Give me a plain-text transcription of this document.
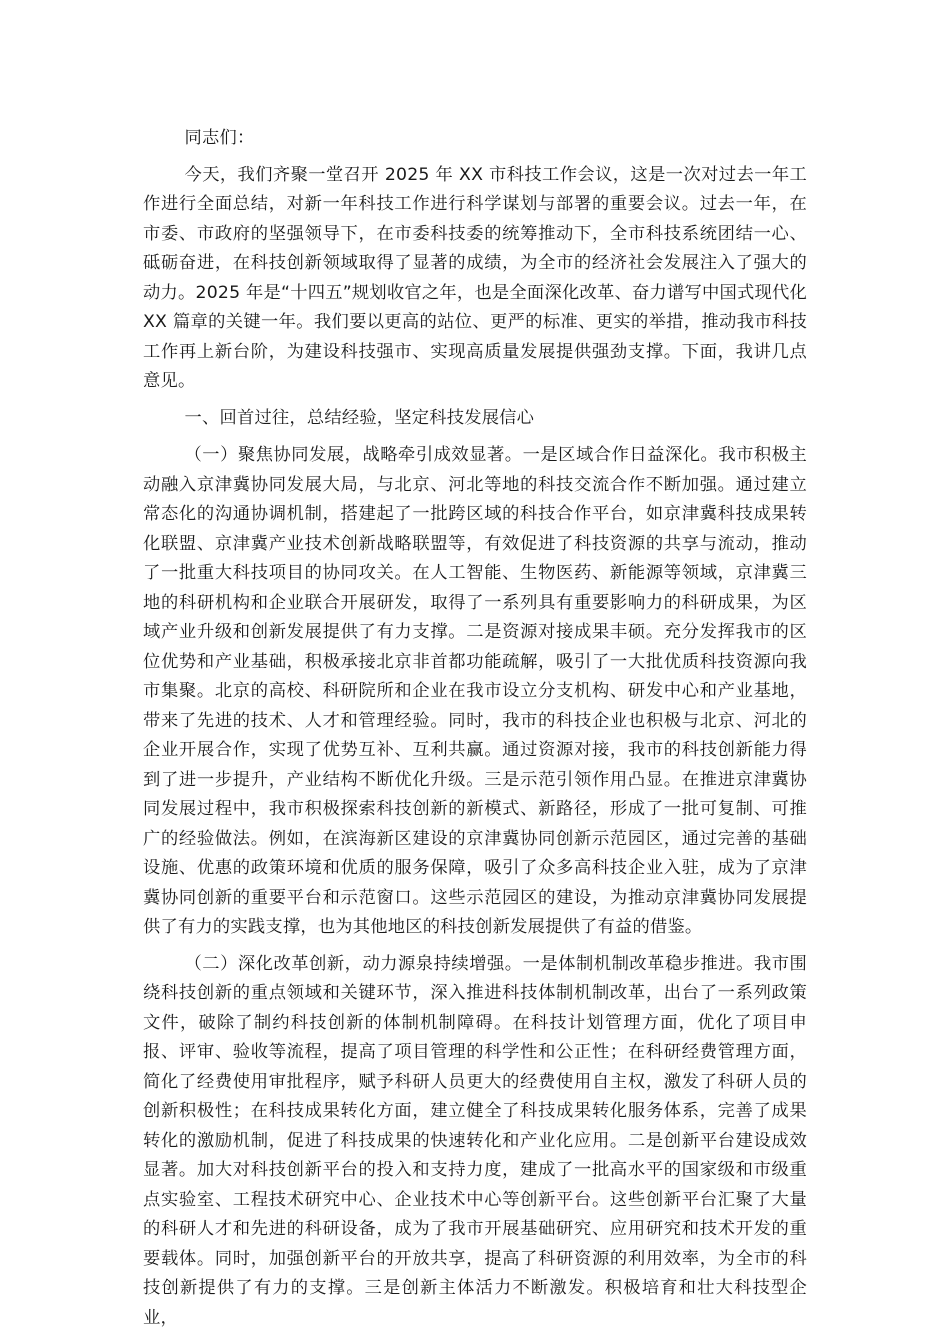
同志们：

今天，我们齐聚一堂召开 2025 年 XX 市科技工作会议，这是一次对过去一年工作进行全面总结，对新一年科技工作进行科学谋划与部署的重要会议。过去一年，在市委、市政府的坚强领导下，在市委科技委的统筹推动下，全市科技系统团结一心、砥砺奋进，在科技创新领域取得了显著的成绩，为全市的经济社会发展注入了强大的动力。2025 年是“十四五”规划收官之年，也是全面深化改革、奋力谱写中国式现代化 XX 篇章的关键一年。我们要以更高的站位、更严的标准、更实的举措，推动我市科技工作再上新台阶，为建设科技强市、实现高质量发展提供强劲支撑。下面，我讲几点意见。

一、回首过往，总结经验，坚定科技发展信心

（一）聚焦协同发展，战略牵引成效显著。一是区域合作日益深化。我市积极主动融入京津冀协同发展大局，与北京、河北等地的科技交流合作不断加强。通过建立常态化的沟通协调机制，搭建起了一批跨区域的科技合作平台，如京津冀科技成果转化联盟、京津冀产业技术创新战略联盟等，有效促进了科技资源的共享与流动，推动了一批重大科技项目的协同攻关。在人工智能、生物医药、新能源等领域，京津冀三地的科研机构和企业联合开展研发，取得了一系列具有重要影响力的科研成果，为区域产业升级和创新发展提供了有力支撑。二是资源对接成果丰硕。充分发挥我市的区位优势和产业基础，积极承接北京非首都功能疏解，吸引了一大批优质科技资源向我市集聚。北京的高校、科研院所和企业在我市设立分支机构、研发中心和产业基地，带来了先进的技术、人才和管理经验。同时，我市的科技企业也积极与北京、河北的企业开展合作，实现了优势互补、互利共赢。通过资源对接，我市的科技创新能力得到了进一步提升，产业结构不断优化升级。三是示范引领作用凸显。在推进京津冀协同发展过程中，我市积极探索科技创新的新模式、新路径，形成了一批可复制、可推广的经验做法。例如，在滨海新区建设的京津冀协同创新示范园区，通过完善的基础设施、优惠的政策环境和优质的服务保障，吸引了众多高科技企业入驻，成为了京津冀协同创新的重要平台和示范窗口。这些示范园区的建设，为推动京津冀协同发展提供了有力的实践支撑，也为其他地区的科技创新发展提供了有益的借鉴。

（二）深化改革创新，动力源泉持续增强。一是体制机制改革稳步推进。我市围绕科技创新的重点领域和关键环节，深入推进科技体制机制改革，出台了一系列政策文件，破除了制约科技创新的体制机制障碍。在科技计划管理方面，优化了项目申报、评审、验收等流程，提高了项目管理的科学性和公正性；在科研经费管理方面，简化了经费使用审批程序，赋予科研人员更大的经费使用自主权，激发了科研人员的创新积极性；在科技成果转化方面，建立健全了科技成果转化服务体系，完善了成果转化的激励机制，促进了科技成果的快速转化和产业化应用。二是创新平台建设成效显著。加大对科技创新平台的投入和支持力度，建成了一批高水平的国家级和市级重点实验室、工程技术研究中心、企业技术中心等创新平台。这些创新平台汇聚了大量的科研人才和先进的科研设备，成为了我市开展基础研究、应用研究和技术开发的重要载体。同时，加强创新平台的开放共享，提高了科研资源的利用效率，为全市的科技创新提供了有力的支撑。三是创新主体活力不断激发。积极培育和壮大科技型企业，
